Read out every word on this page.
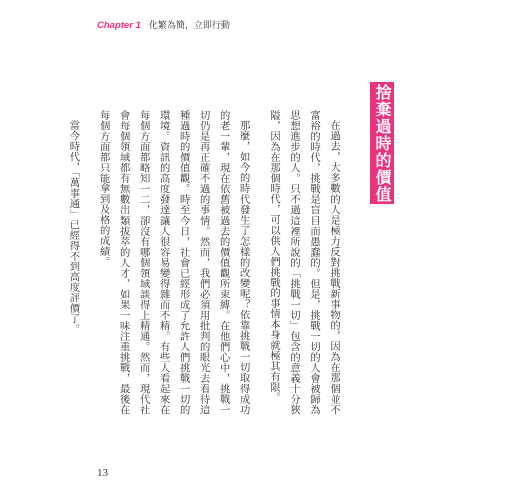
Chapter 1 化繁為簡，立即行動
捨棄過時的價值觀

在過去，大多數的人是極力反對挑戰新事物的，因為在那個並不富裕的時代，挑戰是盲目而愚蠢的。但是，挑戰一切的人會被歸為思想進步的人。只不過這裡所說的「挑戰一切」包含的意義十分狹隘，因為在那個時代，可以供人們挑戰的事情本身就極其有限。

那麼，如今的時代發生了怎樣的改變呢？依靠挑戰一切取得成功的老一輩，現在依舊被過去的價值觀所束縛。在他們心中，挑戰一切仍是再正確不過的事情。然而，我們必須用批判的眼光去看待這種過時的價值觀。時至今日，社會已經形成了允許人們挑戰一切的環境。資訊的高度發達讓人很容易變得雜而不精。有些人看起來在每個方面都略知一二，卻沒有哪個領域談得上精通。然而，現代社會每個領域都有無數出類拔萃的人才，如果一味注重挑戰，最後在每個方面都只能拿到及格的成績。

當今時代，「萬事通」已經得不到高度評價了。

13
